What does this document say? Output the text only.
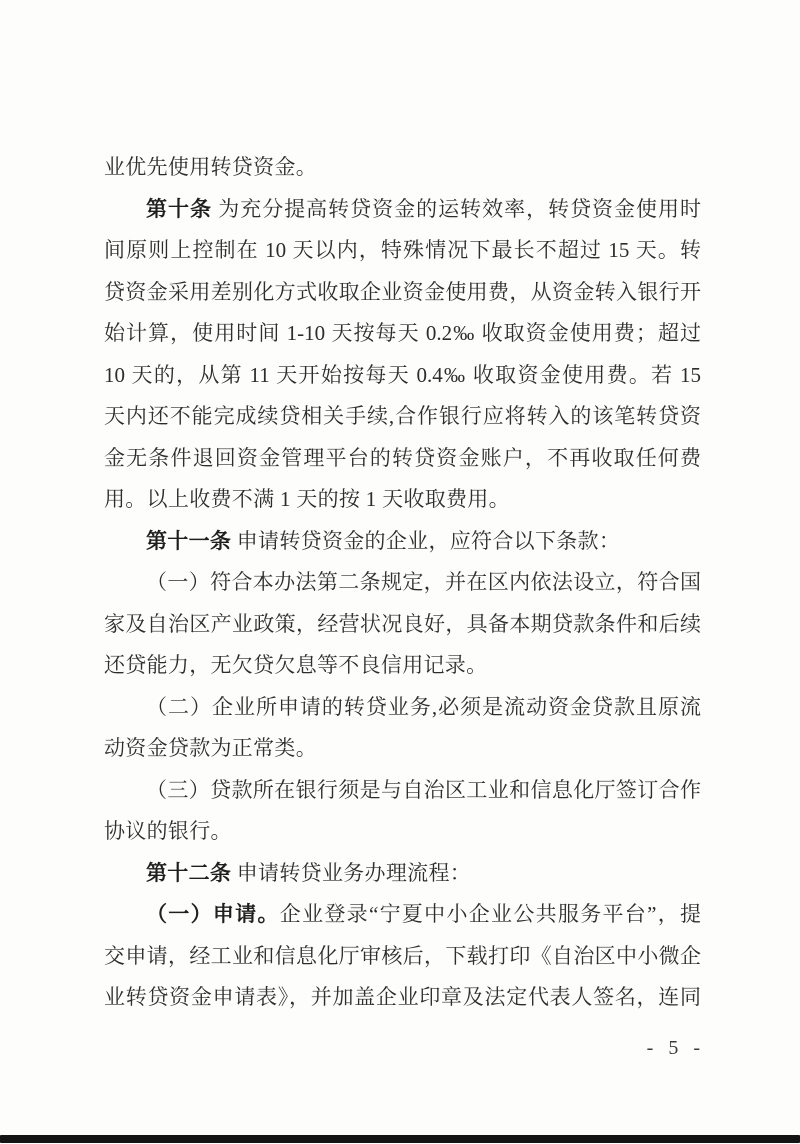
业优先使用转贷资金。
第十条 为充分提高转贷资金的运转效率，转贷资金使用时
间原则上控制在 10 天以内，特殊情况下最长不超过 15 天。转
贷资金采用差别化方式收取企业资金使用费，从资金转入银行开
始计算，使用时间 1-10 天按每天 0.2‰ 收取资金使用费；超过
10 天的，从第 11 天开始按每天 0.4‰ 收取资金使用费。若 15
天内还不能完成续贷相关手续,合作银行应将转入的该笔转贷资
金无条件退回资金管理平台的转贷资金账户，不再收取任何费
用。以上收费不满 1 天的按 1 天收取费用。
第十一条 申请转贷资金的企业，应符合以下条款：
（一）符合本办法第二条规定，并在区内依法设立，符合国
家及自治区产业政策，经营状况良好，具备本期贷款条件和后续
还贷能力，无欠贷欠息等不良信用记录。
（二）企业所申请的转贷业务,必须是流动资金贷款且原流
动资金贷款为正常类。
（三）贷款所在银行须是与自治区工业和信息化厅签订合作
协议的银行。
第十二条 申请转贷业务办理流程：
（一）申请。企业登录“宁夏中小企业公共服务平台”，提
交申请，经工业和信息化厅审核后，下载打印《自治区中小微企
业转贷资金申请表》，并加盖企业印章及法定代表人签名，连同
- 5 -
